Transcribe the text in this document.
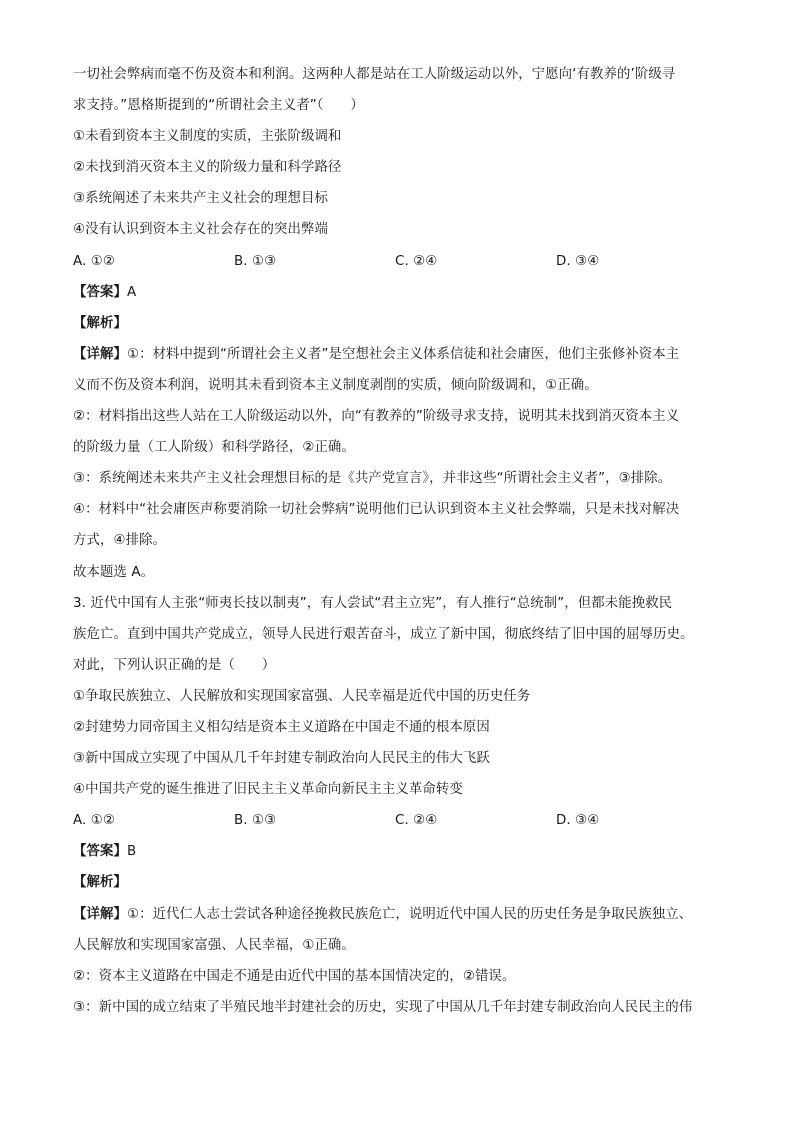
一切社会弊病而毫不伤及资本和利润。这两种人都是站在工人阶级运动以外，宁愿向‘有教养的’阶级寻
求支持。”恩格斯提到的“所谓社会主义者”（　　）
①未看到资本主义制度的实质，主张阶级调和
②未找到消灭资本主义的阶级力量和科学路径
③系统阐述了未来共产主义社会的理想目标
④没有认识到资本主义社会存在的突出弊端
A. ①②	B. ①③	C. ②④	D. ③④
【答案】A
【解析】
【详解】①：材料中提到“所谓社会主义者”是空想社会主义体系信徒和社会庸医，他们主张修补资本主
义而不伤及资本利润，说明其未看到资本主义制度剥削的实质，倾向阶级调和，①正确。
②：材料指出这些人站在工人阶级运动以外，向“有教养的”阶级寻求支持，说明其未找到消灭资本主义
的阶级力量（工人阶级）和科学路径，②正确。
③：系统阐述未来共产主义社会理想目标的是《共产党宣言》，并非这些“所谓社会主义者”，③排除。
④：材料中“社会庸医声称要消除一切社会弊病”说明他们已认识到资本主义社会弊端，只是未找对解决
方式，④排除。
故本题选 A。
3. 近代中国有人主张“师夷长技以制夷”，有人尝试“君主立宪”，有人推行“总统制”，但都未能挽救民
族危亡。直到中国共产党成立，领导人民进行艰苦奋斗，成立了新中国，彻底终结了旧中国的屈辱历史。
对此，下列认识正确的是（　　）
①争取民族独立、人民解放和实现国家富强、人民幸福是近代中国的历史任务
②封建势力同帝国主义相勾结是资本主义道路在中国走不通的根本原因
③新中国成立实现了中国从几千年封建专制政治向人民民主的伟大飞跃
④中国共产党的诞生推进了旧民主主义革命向新民主主义革命转变
A. ①②	B. ①③	C. ②④	D. ③④
【答案】B
【解析】
【详解】①：近代仁人志士尝试各种途径挽救民族危亡，说明近代中国人民的历史任务是争取民族独立、
人民解放和实现国家富强、人民幸福，①正确。
②：资本主义道路在中国走不通是由近代中国的基本国情决定的，②错误。
③：新中国的成立结束了半殖民地半封建社会的历史，实现了中国从几千年封建专制政治向人民民主的伟
